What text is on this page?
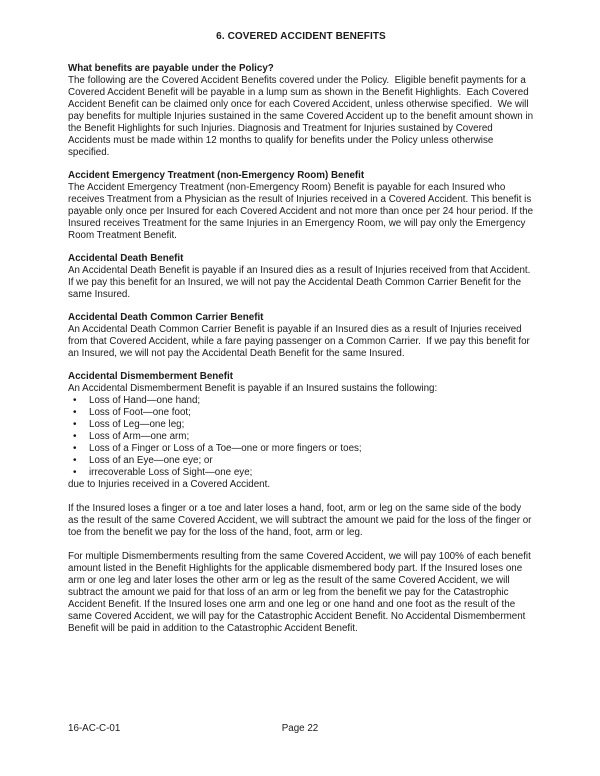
6. COVERED ACCIDENT BENEFITS
What benefits are payable under the Policy?

The following are the Covered Accident Benefits covered under the Policy.  Eligible benefit payments for a Covered Accident Benefit will be payable in a lump sum as shown in the Benefit Highlights.  Each Covered Accident Benefit can be claimed only once for each Covered Accident, unless otherwise specified.  We will pay benefits for multiple Injuries sustained in the same Covered Accident up to the benefit amount shown in the Benefit Highlights for such Injuries. Diagnosis and Treatment for Injuries sustained by Covered Accidents must be made within 12 months to qualify for benefits under the Policy unless otherwise specified.

Accident Emergency Treatment (non-Emergency Room) Benefit

The Accident Emergency Treatment (non-Emergency Room) Benefit is payable for each Insured who receives Treatment from a Physician as the result of Injuries received in a Covered Accident. This benefit is payable only once per Insured for each Covered Accident and not more than once per 24 hour period. If the Insured receives Treatment for the same Injuries in an Emergency Room, we will pay only the Emergency Room Treatment Benefit.

Accidental Death Benefit

An Accidental Death Benefit is payable if an Insured dies as a result of Injuries received from that Accident. If we pay this benefit for an Insured, we will not pay the Accidental Death Common Carrier Benefit for the same Insured.

Accidental Death Common Carrier Benefit

An Accidental Death Common Carrier Benefit is payable if an Insured dies as a result of Injuries received from that Covered Accident, while a fare paying passenger on a Common Carrier.  If we pay this benefit for an Insured, we will not pay the Accidental Death Benefit for the same Insured.

Accidental Dismemberment Benefit

An Accidental Dismemberment Benefit is payable if an Insured sustains the following:

• Loss of Hand—one hand;
• Loss of Foot—one foot;
• Loss of Leg—one leg;
• Loss of Arm—one arm;
• Loss of a Finger or Loss of a Toe—one or more fingers or toes;
• Loss of an Eye—one eye; or
• irrecoverable Loss of Sight—one eye;

due to Injuries received in a Covered Accident.

If the Insured loses a finger or a toe and later loses a hand, foot, arm or leg on the same side of the body as the result of the same Covered Accident, we will subtract the amount we paid for the loss of the finger or toe from the benefit we pay for the loss of the hand, foot, arm or leg.

For multiple Dismemberments resulting from the same Covered Accident, we will pay 100% of each benefit amount listed in the Benefit Highlights for the applicable dismembered body part. If the Insured loses one arm or one leg and later loses the other arm or leg as the result of the same Covered Accident, we will subtract the amount we paid for that loss of an arm or leg from the benefit we pay for the Catastrophic Accident Benefit. If the Insured loses one arm and one leg or one hand and one foot as the result of the same Covered Accident, we will pay for the Catastrophic Accident Benefit. No Accidental Dismemberment Benefit will be paid in addition to the Catastrophic Accident Benefit.

16-AC-C-01	Page 22
